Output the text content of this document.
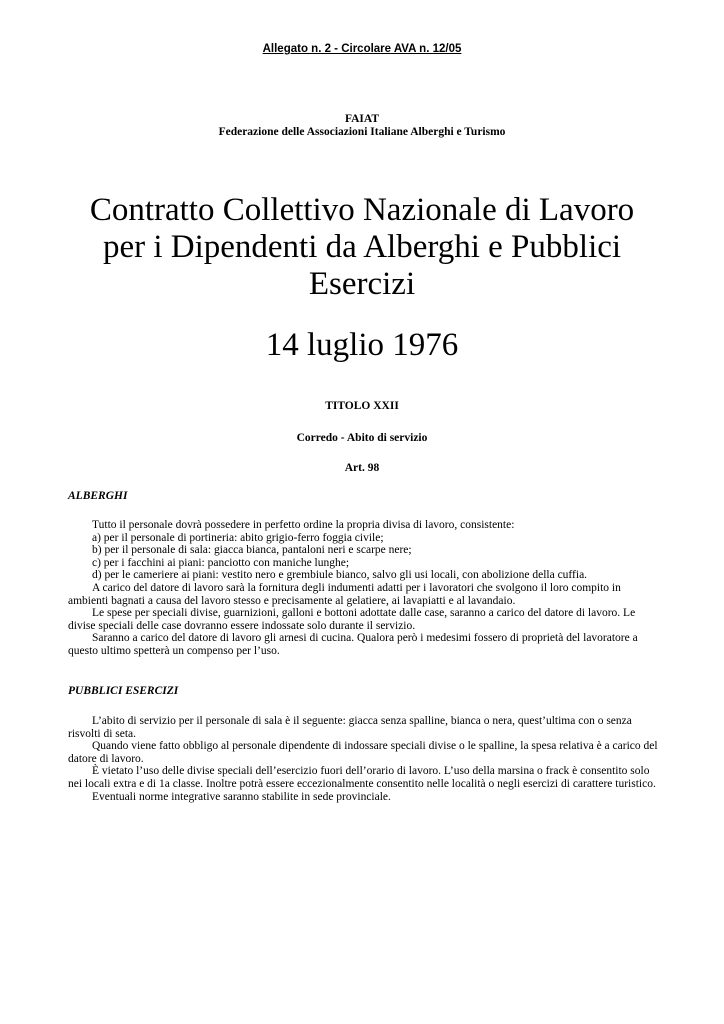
Allegato n. 2 - Circolare AVA n. 12/05
FAIAT
Federazione delle Associazioni Italiane Alberghi e Turismo
Contratto Collettivo Nazionale di Lavoro
per i Dipendenti da Alberghi e Pubblici
Esercizi
14 luglio 1976
TITOLO XXII
Corredo - Abito di servizio
Art. 98
ALBERGHI

Tutto il personale dovrà possedere in perfetto ordine la propria divisa di lavoro, consistente:

a) per il personale di portineria: abito grigio-ferro foggia civile;

b) per il personale di sala: giacca bianca, pantaloni neri e scarpe nere;

c) per i facchini ai piani: panciotto con maniche lunghe;

d) per le cameriere ai piani: vestito nero e grembiule bianco, salvo gli usi locali, con abolizione della cuffia.

A carico del datore di lavoro sarà la fornitura degli indumenti adatti per i lavoratori che svolgono il loro compito in ambienti bagnati a causa del lavoro stesso e precisamente al gelatiere, ai lavapiatti e al lavandaio.

Le spese per speciali divise, guarnizioni, galloni e bottoni adottate dalle case, saranno a carico del datore di lavoro. Le divise speciali delle case dovranno essere indossate solo durante il servizio.

Saranno a carico del datore di lavoro gli arnesi di cucina. Qualora però i medesimi fossero di proprietà del lavoratore a questo ultimo spetterà un compenso per l’uso.

PUBBLICI ESERCIZI

L’abito di servizio per il personale di sala è il seguente: giacca senza spalline, bianca o nera, quest’ultima con o senza risvolti di seta.

Quando viene fatto obbligo al personale dipendente di indossare speciali divise o le spalline, la spesa relativa è a carico del datore di lavoro.

È vietato l’uso delle divise speciali dell’esercizio fuori dell’orario di lavoro. L’uso della marsina o frack è consentito solo nei locali extra e di 1a classe. Inoltre potrà essere eccezionalmente consentito nelle località o negli esercizi di carattere turistico.

Eventuali norme integrative saranno stabilite in sede provinciale.
